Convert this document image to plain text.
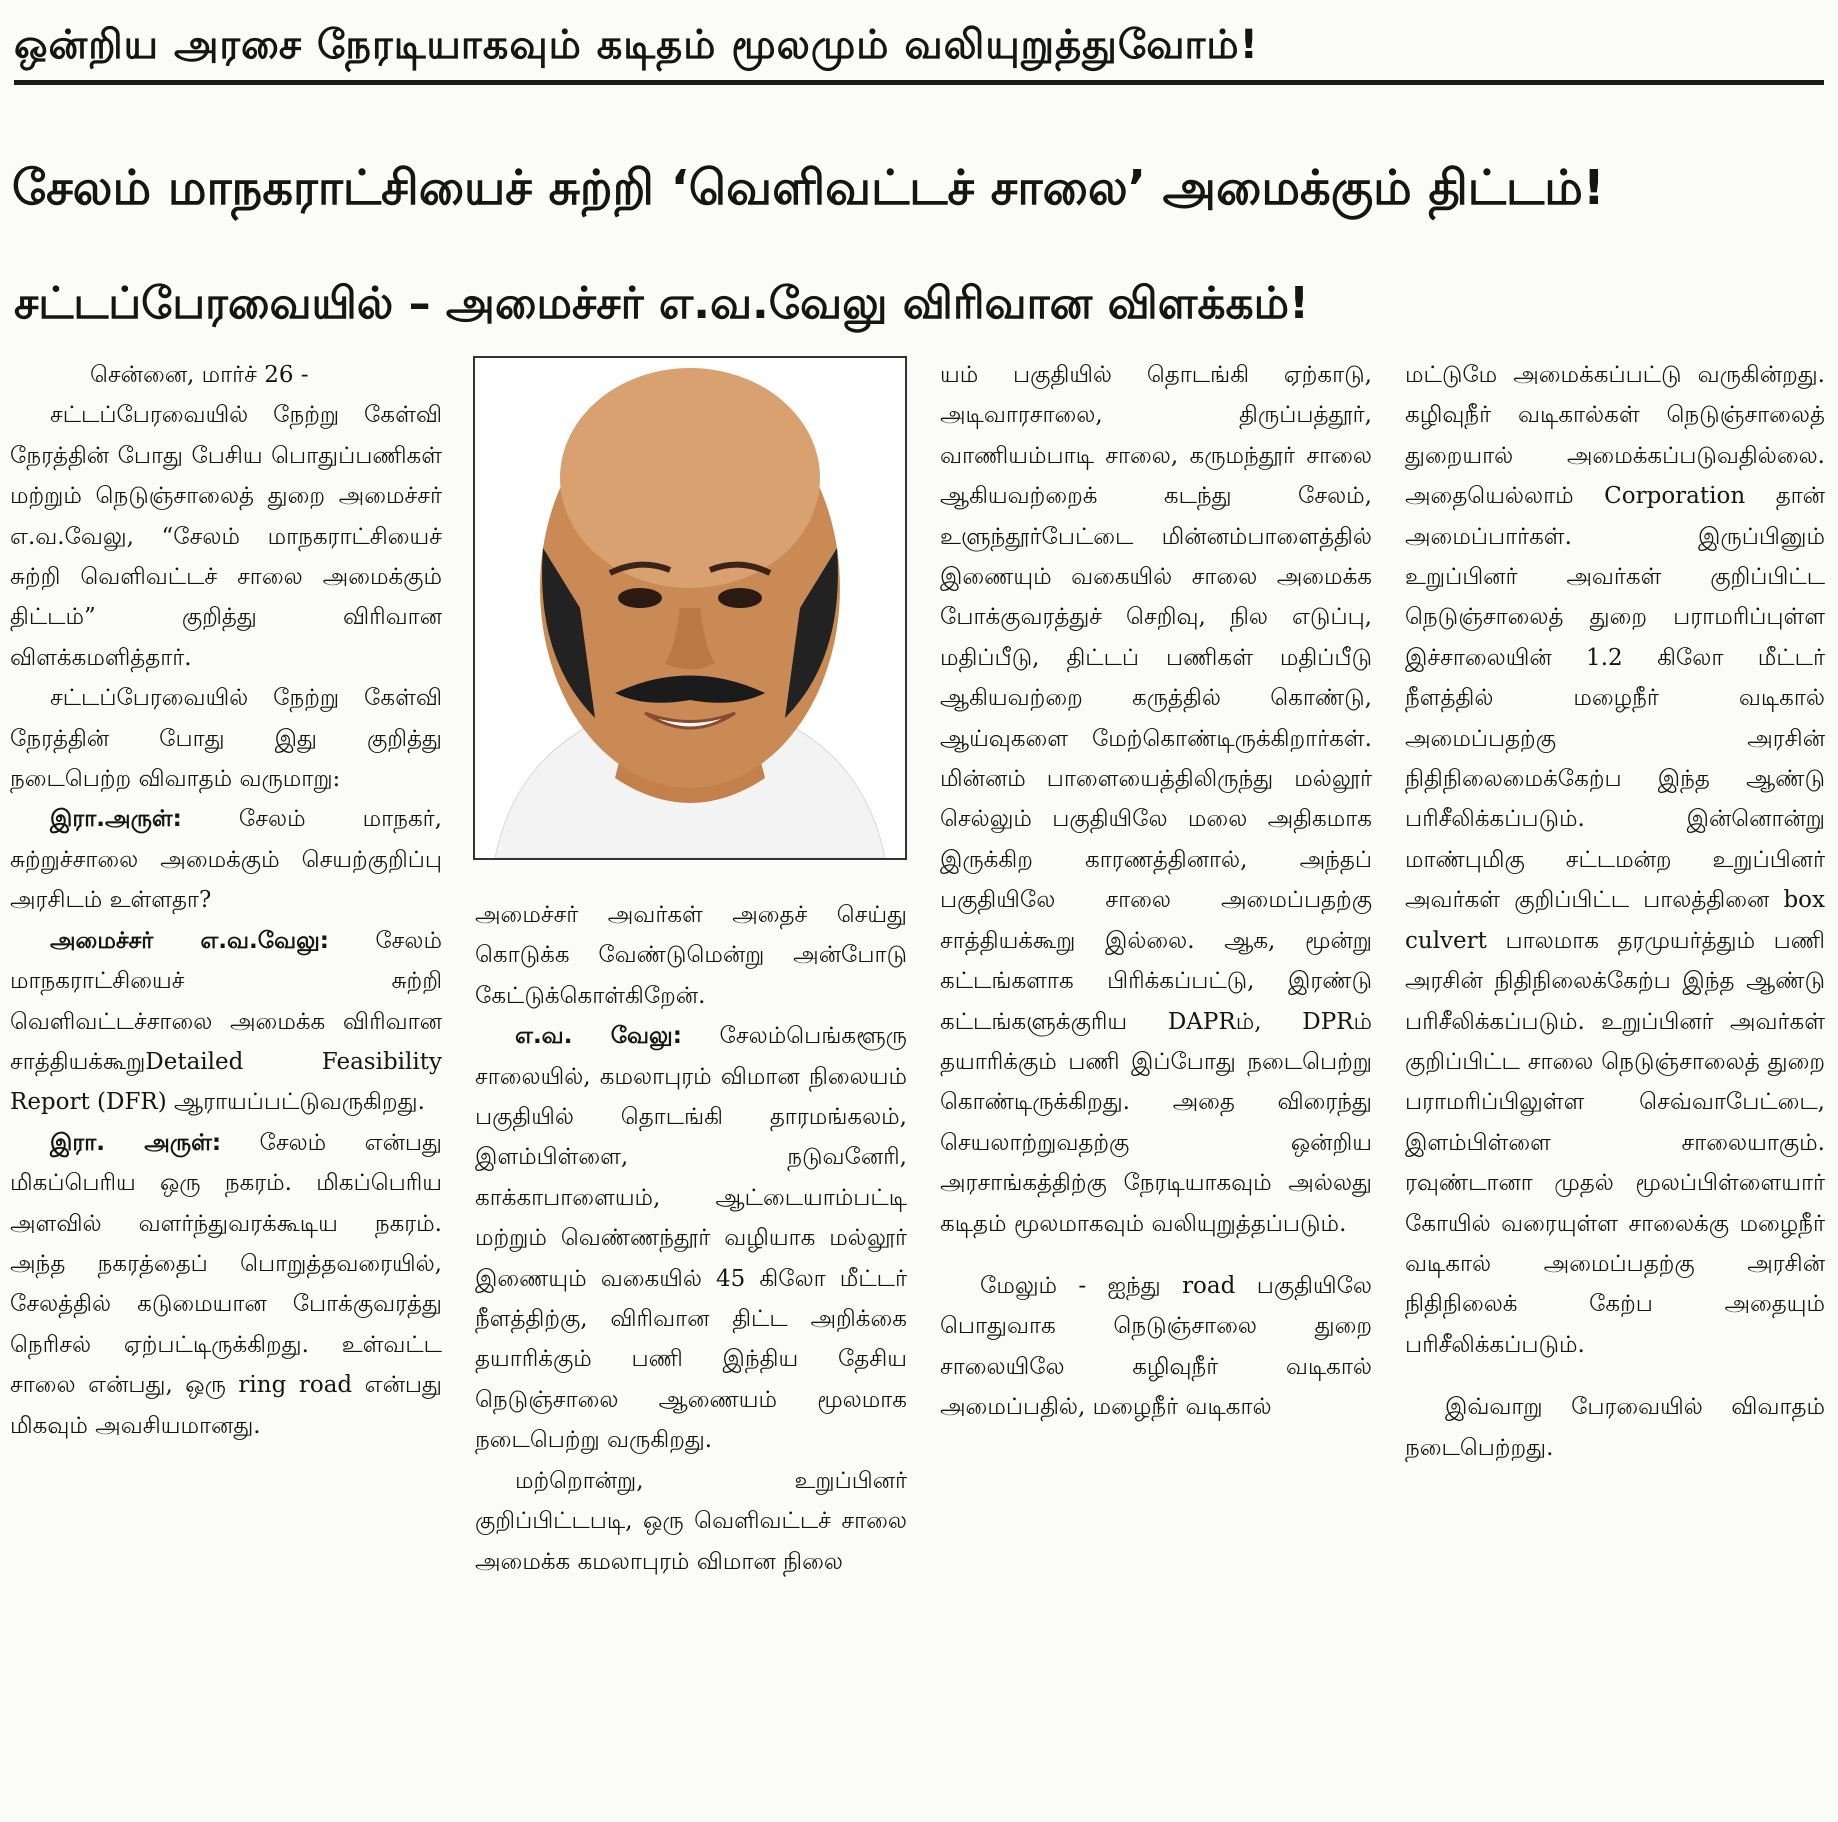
ஒன்றிய அரசை நேரடியாகவும் கடிதம் மூலமும் வலியுறுத்துவோம்!
சேலம் மாநகராட்சியைச் சுற்றி ‘வெளிவட்டச் சாலை’ அமைக்கும் திட்டம்!
சட்டப்பேரவையில் – அமைச்சர் எ.வ.வேலு விரிவான விளக்கம்!

சென்னை, மார்ச் 26 -

சட்டப்பேரவையில் நேற்று கேள்வி நேரத்தின் போது பேசிய பொதுப்பணிகள் மற்றும் நெடுஞ்சாலைத் துறை அமைச்சர் எ.வ.வேலு, “சேலம் மாநகராட்சியைச் சுற்றி வெளிவட்டச் சாலை அமைக்கும் திட்டம்” குறித்து விரிவான விளக்கமளித்தார்.

சட்டப்பேரவையில் நேற்று கேள்வி நேரத்தின் போது இது குறித்து நடைபெற்ற விவாதம் வருமாறு:

இரா.அருள்: சேலம் மாநகர், சுற்றுச்சாலை அமைக்கும் செயற்குறிப்பு அரசிடம் உள்ளதா?

அமைச்சர் எ.வ.வேலு: சேலம் மாநகராட்சியைச் சுற்றி வெளிவட்டச்சாலை அமைக்க விரிவான சாத்தியக்கூறுDetailed Feasibility Report (DFR) ஆராயப்பட்டுவருகிறது.

இரா. அருள்: சேலம் என்பது மிகப்பெரிய ஒரு நகரம். மிகப்பெரிய அளவில் வளர்ந்துவரக்கூடிய நகரம். அந்த நகரத்தைப் பொறுத்தவரையில், சேலத்தில் கடுமையான போக்குவரத்து நெரிசல் ஏற்பட்டிருக்கிறது. உள்வட்ட சாலை என்பது, ஒரு ring road என்பது மிகவும் அவசியமானது.

அமைச்சர் அவர்கள் அதைச் செய்து கொடுக்க வேண்டுமென்று அன்போடு கேட்டுக்கொள்கிறேன்.

எ.வ. வேலு: சேலம்பெங்களூரு சாலையில், கமலாபுரம் விமான நிலையம் பகுதியில் தொடங்கி தாரமங்கலம், இளம்பிள்ளை, நடுவனேரி, காக்காபாளையம், ஆட்டையாம்பட்டி மற்றும் வெண்ணந்தூர் வழியாக மல்லூர் இணையும் வகையில் 45 கிலோ மீட்டர் நீளத்திற்கு, விரிவான திட்ட அறிக்கை தயாரிக்கும் பணி இந்திய தேசிய நெடுஞ்சாலை ஆணையம் மூலமாக நடைபெற்று வருகிறது.

மற்றொன்று, உறுப்பினர் குறிப்பிட்டபடி, ஒரு வெளிவட்டச் சாலை அமைக்க கமலாபுரம் விமான நிலை

யம் பகுதியில் தொடங்கி ஏற்காடு, அடிவாரசாலை, திருப்பத்தூர், வாணியம்பாடி சாலை, கருமந்தூர் சாலை ஆகியவற்றைக் கடந்து சேலம், உளுந்தூர்பேட்டை மின்னம்பாளைத்தில் இணையும் வகையில் சாலை அமைக்க போக்குவரத்துச் செறிவு, நில எடுப்பு, மதிப்பீடு, திட்டப் பணிகள் மதிப்பீடு ஆகியவற்றை கருத்தில் கொண்டு, ஆய்வுகளை மேற்கொண்டிருக்கிறார்கள். மின்னம் பாளையைத்திலிருந்து மல்லூர் செல்லும் பகுதியிலே மலை அதிகமாக இருக்கிற காரணத்தினால், அந்தப் பகுதியிலே சாலை அமைப்பதற்கு சாத்தியக்கூறு இல்லை. ஆக, மூன்று கட்டங்களாக பிரிக்கப்பட்டு, இரண்டு கட்டங்களுக்குரிய DAPRம், DPRம் தயாரிக்கும் பணி இப்போது நடைபெற்று கொண்டிருக்கிறது. அதை விரைந்து செயலாற்றுவதற்கு ஒன்றிய அரசாங்கத்திற்கு நேரடியாகவும் அல்லது கடிதம் மூலமாகவும் வலியுறுத்தப்படும்.

மேலும் - ஐந்து road பகுதியிலே பொதுவாக நெடுஞ்சாலை துறை சாலையிலே கழிவுநீர் வடிகால் அமைப்பதில், மழைநீர் வடிகால்

மட்டுமே அமைக்கப்பட்டு வருகின்றது. கழிவுநீர் வடிகால்கள் நெடுஞ்சாலைத் துறையால் அமைக்கப்படுவதில்லை. அதையெல்லாம் Corporation தான் அமைப்பார்கள். இருப்பினும் உறுப்பினர் அவர்கள் குறிப்பிட்ட நெடுஞ்சாலைத் துறை பராமரிப்புள்ள இச்சாலையின் 1.2 கிலோ மீட்டர் நீளத்தில் மழைநீர் வடிகால் அமைப்பதற்கு அரசின் நிதிநிலைமைக்கேற்ப இந்த ஆண்டு பரிசீலிக்கப்படும். இன்னொன்று மாண்புமிகு சட்டமன்ற உறுப்பினர் அவர்கள் குறிப்பிட்ட பாலத்தினை box culvert பாலமாக தரமுயர்த்தும் பணி அரசின் நிதிநிலைக்கேற்ப இந்த ஆண்டு பரிசீலிக்கப்படும். உறுப்பினர் அவர்கள் குறிப்பிட்ட சாலை நெடுஞ்சாலைத் துறை பராமரிப்பிலுள்ள செவ்வாபேட்டை, இளம்பிள்ளை சாலையாகும். ரவுண்டானா முதல் மூலப்பிள்ளையார் கோயில் வரையுள்ள சாலைக்கு மழைநீர் வடிகால் அமைப்பதற்கு அரசின் நிதிநிலைக் கேற்ப அதையும் பரிசீலிக்கப்படும்.

இவ்வாறு பேரவையில் விவாதம் நடைபெற்றது.
